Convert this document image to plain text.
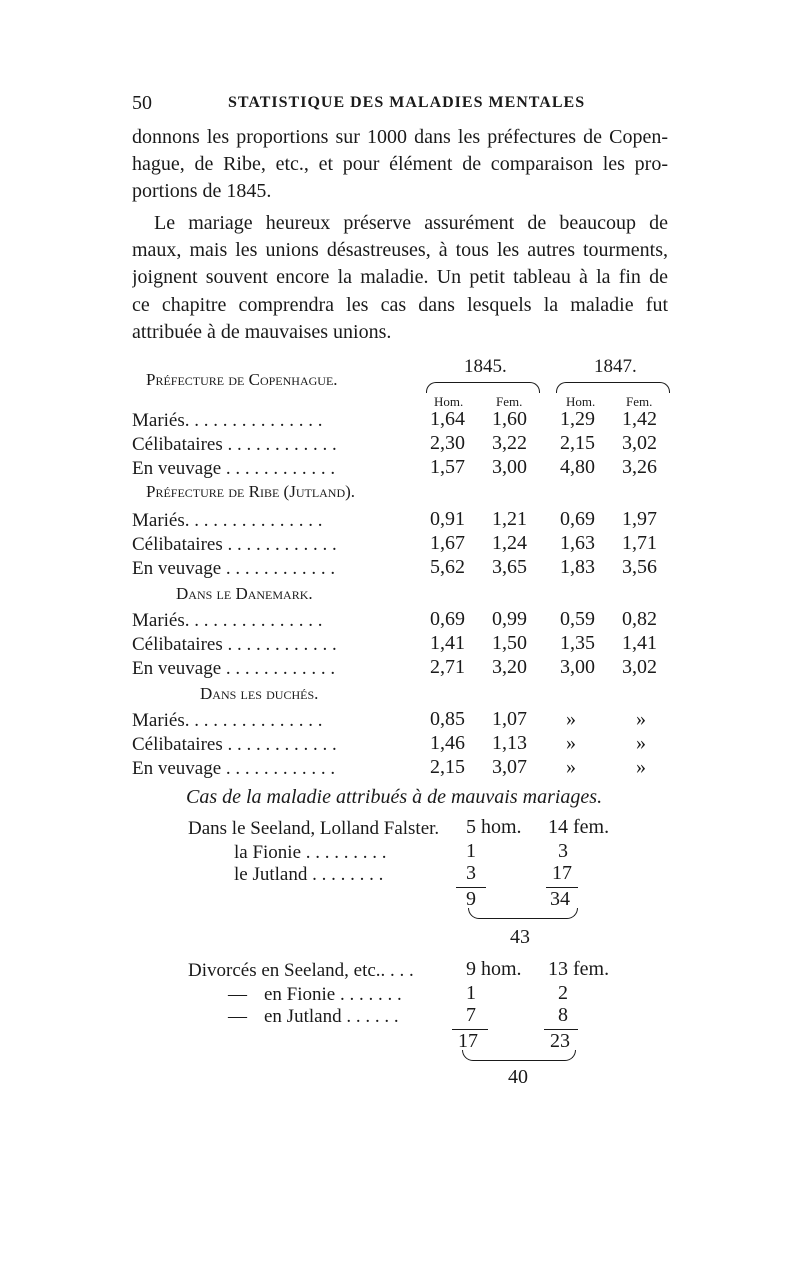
50	STATISTIQUE DES MALADIES MENTALES
donnons les proportions sur 1000 dans les préfectures de Copen-
hague, de Ribe, etc., et pour élément de comparaison les pro-
portions de 1845.
Le mariage heureux préserve assurément de beaucoup de
maux, mais les unions désastreuses, à tous les autres tourments,
joignent souvent encore la maladie. Un petit tableau à la fin de
ce chapitre comprendra les cas dans lesquels la maladie fut
attribuée à de mauvaises unions.
1845.	1847.
Préfecture de Copenhague.
Hom.	Fem.	Hom. Fem.
Mariés. . . . . . . . . . . . . . .	1,64 1,60 1,29 1,42
Célibataires . . . . . . . . . . . .	2,30 3,22 2,15 3,02
En veuvage . . . . . . . . . . . .	1,57 3,00 4,80 3,26
Préfecture de Ribe (Jutland).
Mariés. . . . . . . . . . . . . . .	0,91 1,21 0,69 1,97
Célibataires . . . . . . . . . . . .	1,67 1,24 1,63 1,71
En veuvage . . . . . . . . . . . .	5,62 3,65 1,83 3,56
Dans le Danemark.
Mariés. . . . . . . . . . . . . . .	0,69 0,99 0,59 0,82
Célibataires . . . . . . . . . . . .	1,41 1,50 1,35 1,41
En veuvage . . . . . . . . . . . .	2,71 3,20 3,00 3,02
Dans les duchés.
Mariés. . . . . . . . . . . . . . .	0,85 1,07 »	»
Célibataires . . . . . . . . . . . .	1,46 1,13 »	»
En veuvage . . . . . . . . . . . .	2,15 3,07 »	»
Cas de la maladie attribués à de mauvais mariages.
Dans le Seeland, Lolland Falster. 5 hom. 14 fem.
la Fionie . . . . . . . . .	1	3
le Jutland . . . . . . . .	3	17
9	34
43
Divorcés en Seeland, etc.. . . .	9 hom. 13 fem.
— en Fionie . . . . . . .	1	2
— en Jutland . . . . . .	7	8
17	23
40
